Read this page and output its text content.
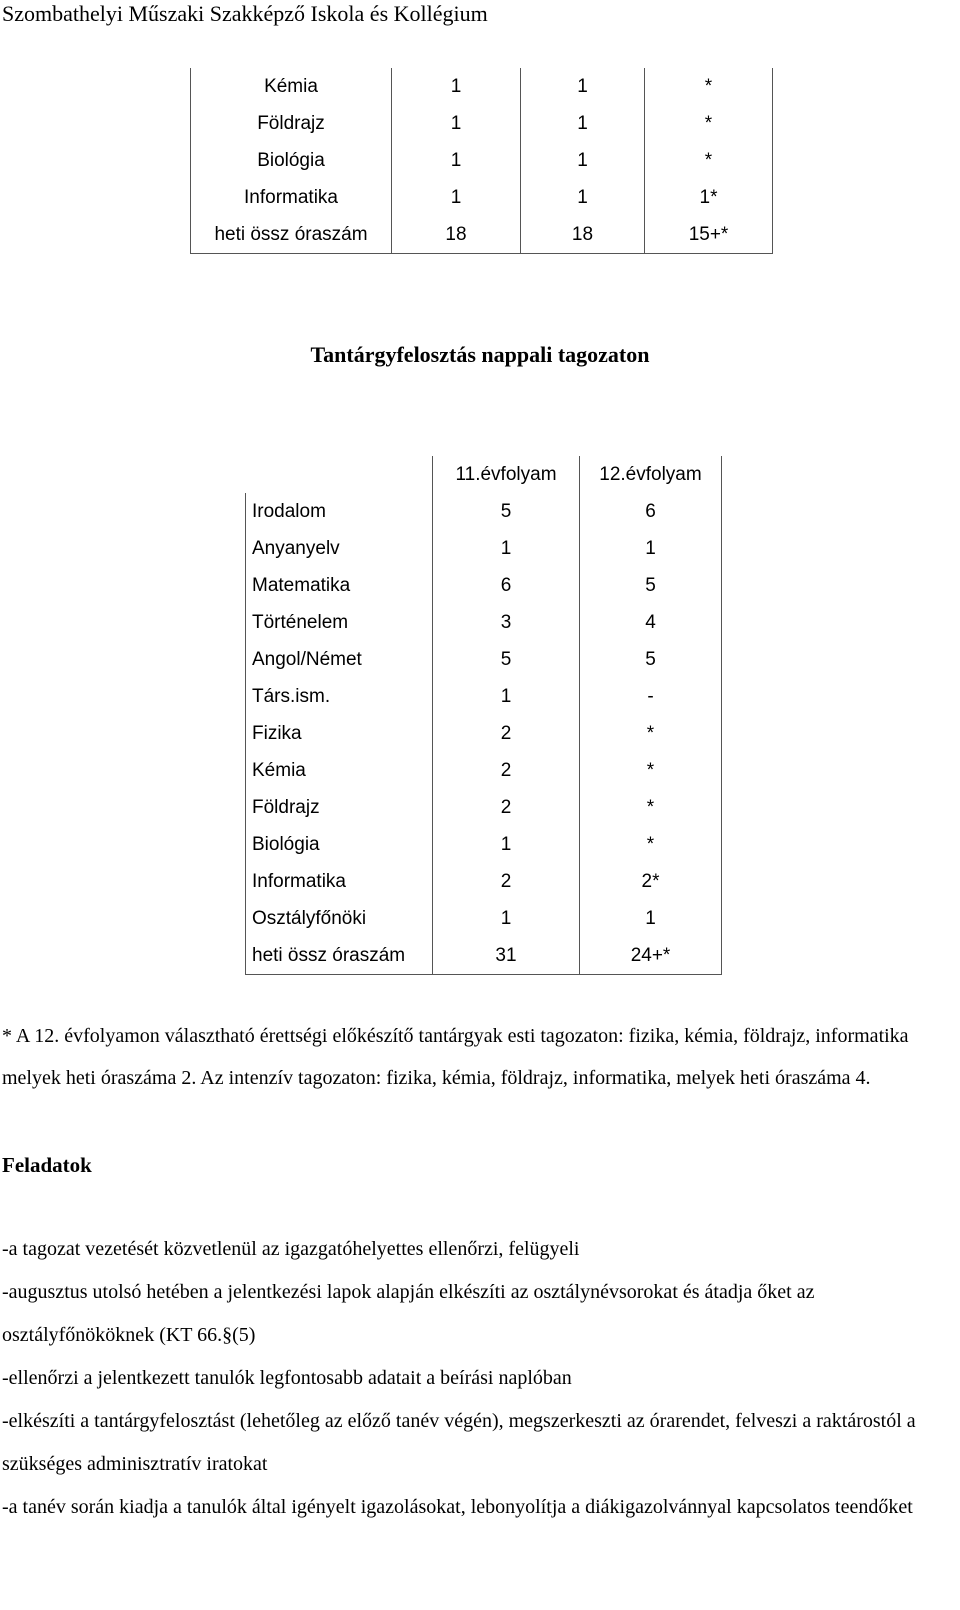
Szombathelyi Műszaki Szakképző Iskola és Kollégium
Kémia	1	1	*
Földrajz	1	1	*
Biológia	1	1	*
Informatika	1	1	1*
heti össz óraszám	18	18	15+*
Tantárgyfelosztás nappali tagozaton
	11.évfolyam	12.évfolyam
Irodalom	5	6
Anyanyelv	1	1
Matematika	6	5
Történelem	3	4
Angol/Német	5	5
Társ.ism.	1	-
Fizika	2	*
Kémia	2	*
Földrajz	2	*
Biológia	1	*
Informatika	2	2*
Osztályfőnöki	1	1
heti össz óraszám	31	24+*
* A 12. évfolyamon választható érettségi előkészítő tantárgyak esti tagozaton: fizika, kémia, földrajz, informatika melyek heti óraszáma 2. Az intenzív tagozaton: fizika, kémia, földrajz, informatika, melyek heti óraszáma 4.
Feladatok

-a tagozat vezetését közvetlenül az igazgatóhelyettes ellenőrzi, felügyeli

-augusztus utolsó hetében a jelentkezési lapok alapján elkészíti az osztálynévsorokat és átadja őket az osztályfőnököknek (KT 66.§(5)

-ellenőrzi a jelentkezett tanulók legfontosabb adatait a beírási naplóban

-elkészíti a tantárgyfelosztást (lehetőleg az előző tanév végén), megszerkeszti az órarendet, felveszi a raktárostól a szükséges adminisztratív iratokat

-a tanév során kiadja a tanulók által igényelt igazolásokat, lebonyolítja a diákigazolvánnyal kapcsolatos teendőket
